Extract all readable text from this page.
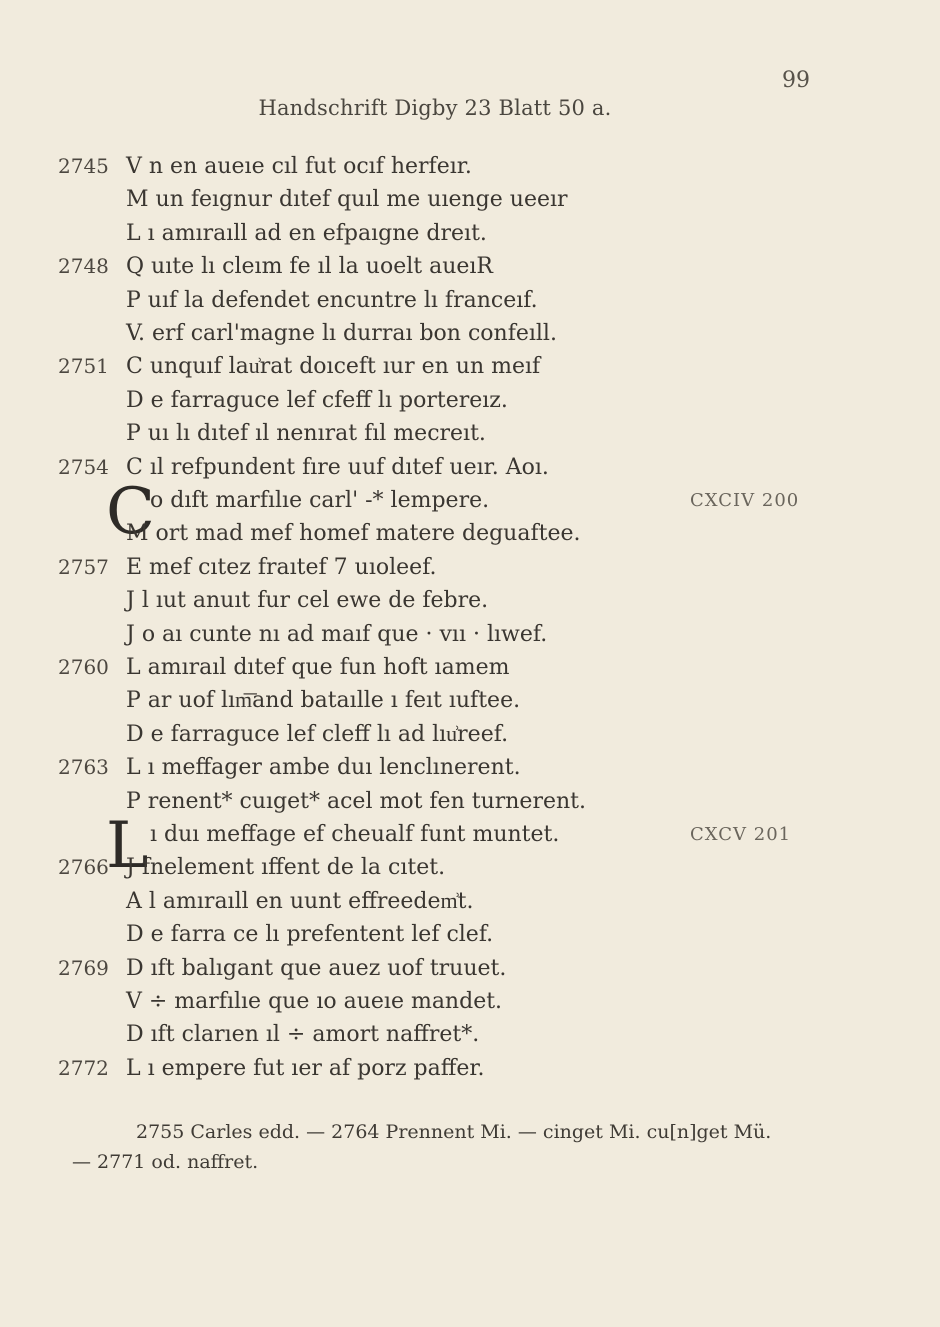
99
Handschrift Digby 23 Blatt 50 a.
2745 V n en aueıe cıl fut ocıf herfeır.
M un feıgnur dıtef quıl me uıenge ueeır
L ı amıraıll ad en efpaıgne dreıt.
2748 Q uıte lı cleım fe ıl la uoelt aueıR
P uıf la defendet encuntre lı franceıf.
V. erf carl'magne lı durraı bon confeıll.
2751 C unquıf lau͗rat doıceft ıur en un meıf
D e farraguce lef cfeff lı portereız.
P uı lı dıtef ıl nenırat fıl mecreıt.
2754 C ıl refpundent fıre uuf dıtef ueır. Aoı.
C
o dıft marfılıe carl' -* lempere.	CXCIV 200
M ort mad mef homef matere deguaftee.
2757 E mef cıtez fraıtef 7 uıoleef.
J l ıut anuıt fur cel ewe de febre.
J o aı cunte nı ad maıf que · vıı · lıwef.
2760 L amıraıl dıtef que fun hoft ıamem
P ar uof lım͞and bataılle ı feıt ıuftee.
D e farraguce lef cleff lı ad lıu͗reef.
2763 L ı meffager ambe duı lenclınerent.
P renent* cuıget* acel mot fen turnerent.
L ı duı meffage ef cheualf funt muntet.	CXCV 201
2766 J fnelement ıffent de la cıtet.
A l amıraıll en uunt effreedem͗t.
D e farra ce lı prefentent lef clef.
2769 D ıft balıgant que auez uof truuet.
V ÷ marfılıe que ıo aueıe mandet.
D ıft clarıen ıl ÷ amort naffret*.
2772 L ı empere fut ıer af porz paffer.
2755 Carles edd. — 2764 Prennent Mi. — cinget Mi. cu[n]get Mü.
— 2771 od. naffret.
